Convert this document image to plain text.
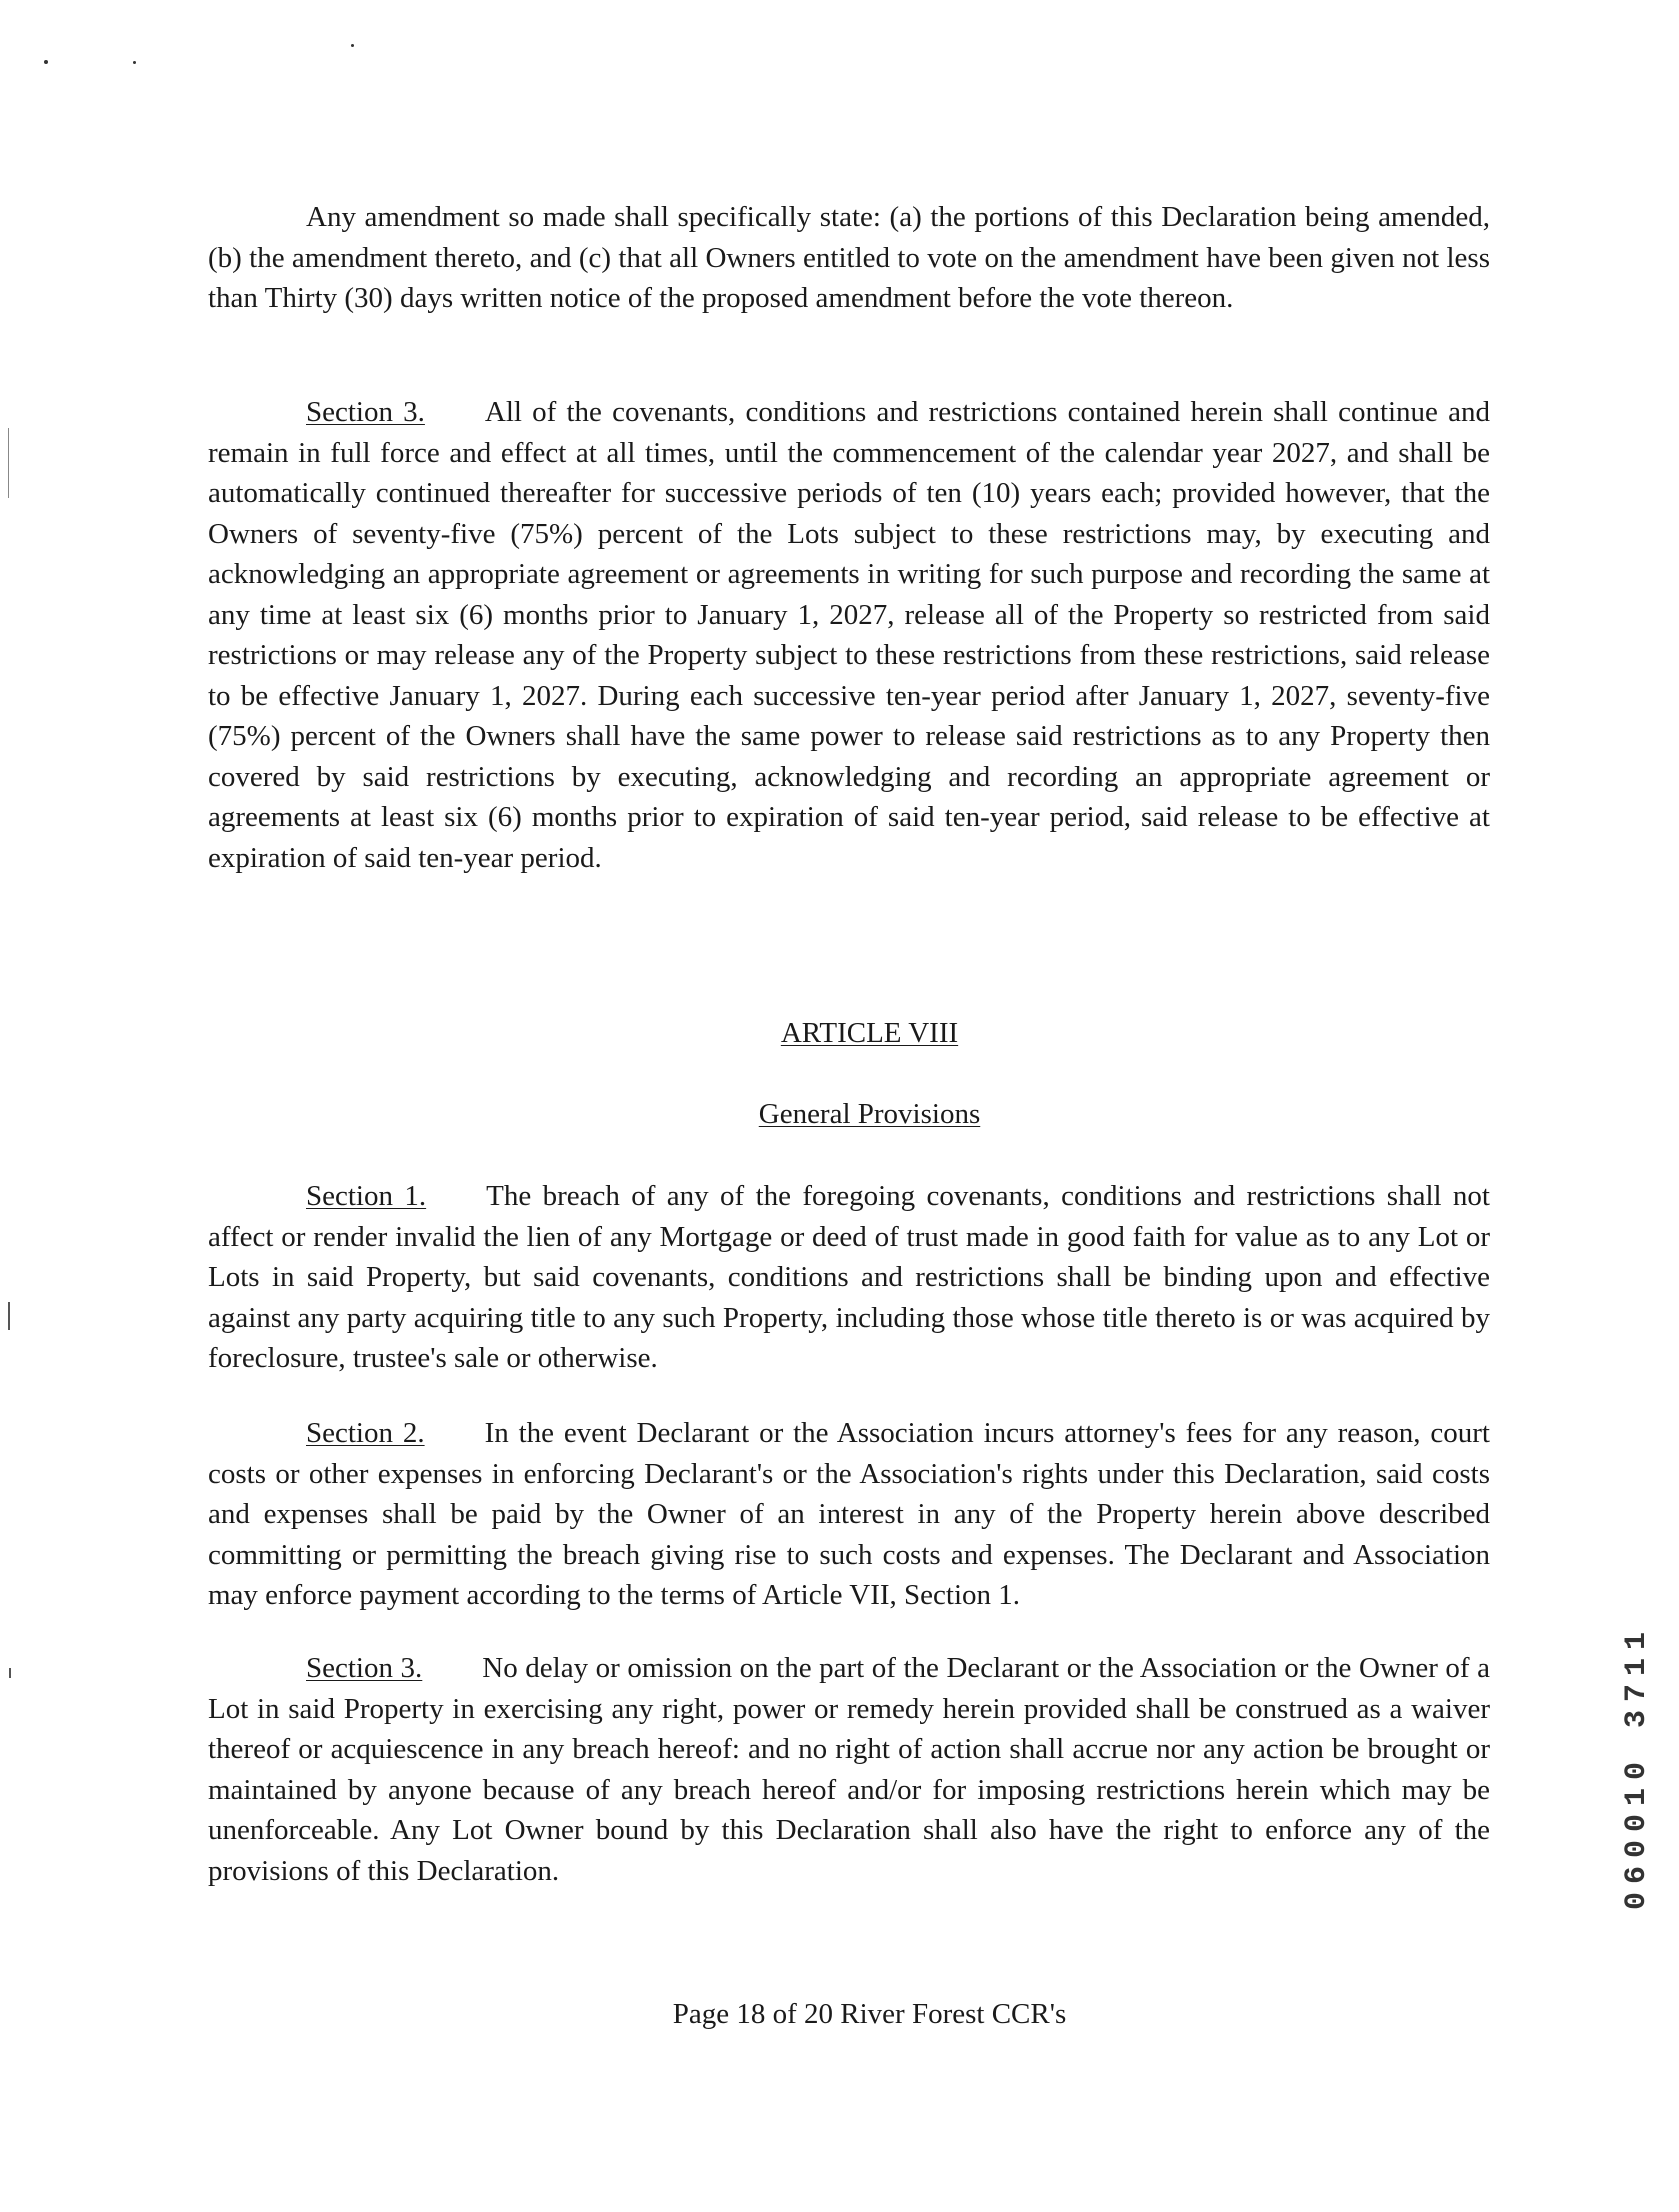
Any amendment so made shall specifically state: (a) the portions of this Declaration being amended, (b) the amendment thereto, and (c) that all Owners entitled to vote on the amendment have been given not less than Thirty (30) days written notice of the proposed amendment before the vote thereon.

Section 3. All of the covenants, conditions and restrictions contained herein shall continue and remain in full force and effect at all times, until the commencement of the calendar year 2027, and shall be automatically continued thereafter for successive periods of ten (10) years each; provided however, that the Owners of seventy-five (75%) percent of the Lots subject to these restrictions may, by executing and acknowledging an appropriate agreement or agreements in writing for such purpose and recording the same at any time at least six (6) months prior to January 1, 2027, release all of the Property so restricted from said restrictions or may release any of the Property subject to these restrictions from these restrictions, said release to be effective January 1, 2027. During each successive ten-year period after January 1, 2027, seventy-five (75%) percent of the Owners shall have the same power to release said restrictions as to any Property then covered by said restrictions by executing, acknowledging and recording an appropriate agreement or agreements at least six (6) months prior to expiration of said ten-year period, said release to be effective at expiration of said ten-year period.

Section 1. The breach of any of the foregoing covenants, conditions and restrictions shall not affect or render invalid the lien of any Mortgage or deed of trust made in good faith for value as to any Lot or Lots in said Property, but said covenants, conditions and restrictions shall be binding upon and effective against any party acquiring title to any such Property, including those whose title thereto is or was acquired by foreclosure, trustee's sale or otherwise.

Section 2. In the event Declarant or the Association incurs attorney's fees for any reason, court costs or other expenses in enforcing Declarant's or the Association's rights under this Declaration, said costs and expenses shall be paid by the Owner of an interest in any of the Property herein above described committing or permitting the breach giving rise to such costs and expenses. The Declarant and Association may enforce payment according to the terms of Article VII, Section 1.

Section 3. No delay or omission on the part of the Declarant or the Association or the Owner of a Lot in said Property in exercising any right, power or remedy herein provided shall be construed as a waiver thereof or acquiescence in any breach hereof: and no right of action shall accrue nor any action be brought or maintained by anyone because of any breach hereof and/or for imposing restrictions herein which may be unenforceable. Any Lot Owner bound by this Declaration shall also have the right to enforce any of the provisions of this Declaration.

ARTICLE VIII
General Provisions
Page 18 of 20 River Forest CCR's
060010 3711
